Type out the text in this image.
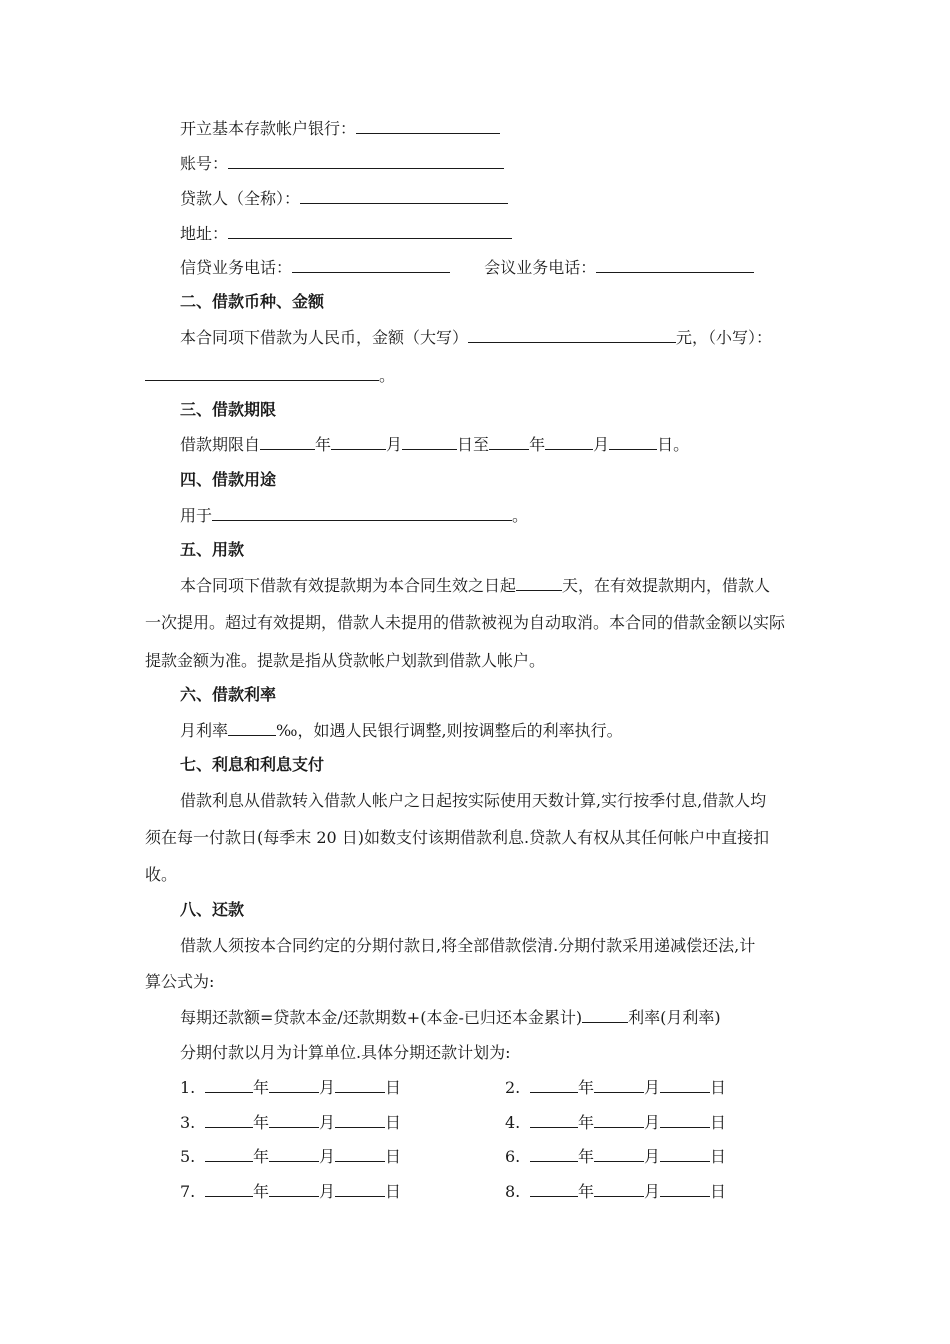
开立基本存款帐户银行：
账号：
贷款人（全称）：
地址：
信贷业务电话：	会议业务电话：
二、借款币种、金额
本合同项下借款为人民币，金额（大写）	元，（小写）：
。
三、借款期限
借款期限自	年	月	日至	年	月	日。
四、借款用途
用于	。
五、用款
本合同项下借款有效提款期为本合同生效之日起	天，在有效提款期内，借款人
一次提用。超过有效提期，借款人未提用的借款被视为自动取消。本合同的借款金额以实际
提款金额为准。提款是指从贷款帐户划款到借款人帐户。
六、借款利率
月利率	‰，如遇人民银行调整,则按调整后的利率执行。
七、利息和利息支付
借款利息从借款转入借款人帐户之日起按实际使用天数计算,实行按季付息,借款人均
须在每一付款日(每季末 20 日)如数支付该期借款利息.贷款人有权从其任何帐户中直接扣
收。
八、还款
借款人须按本合同约定的分期付款日,将全部借款偿清.分期付款采用递减偿还法,计
算公式为:
每期还款额=贷款本金/还款期数+(本金-已归还本金累计)	利率(月利率)
分期付款以月为计算单位.具体分期还款计划为:
1.	年	月	日	2.	年	月	日
3.	年	月	日	4.	年	月	日
5.	年	月	日	6.	年	月	日
7.	年	月	日	8.	年	月	日
